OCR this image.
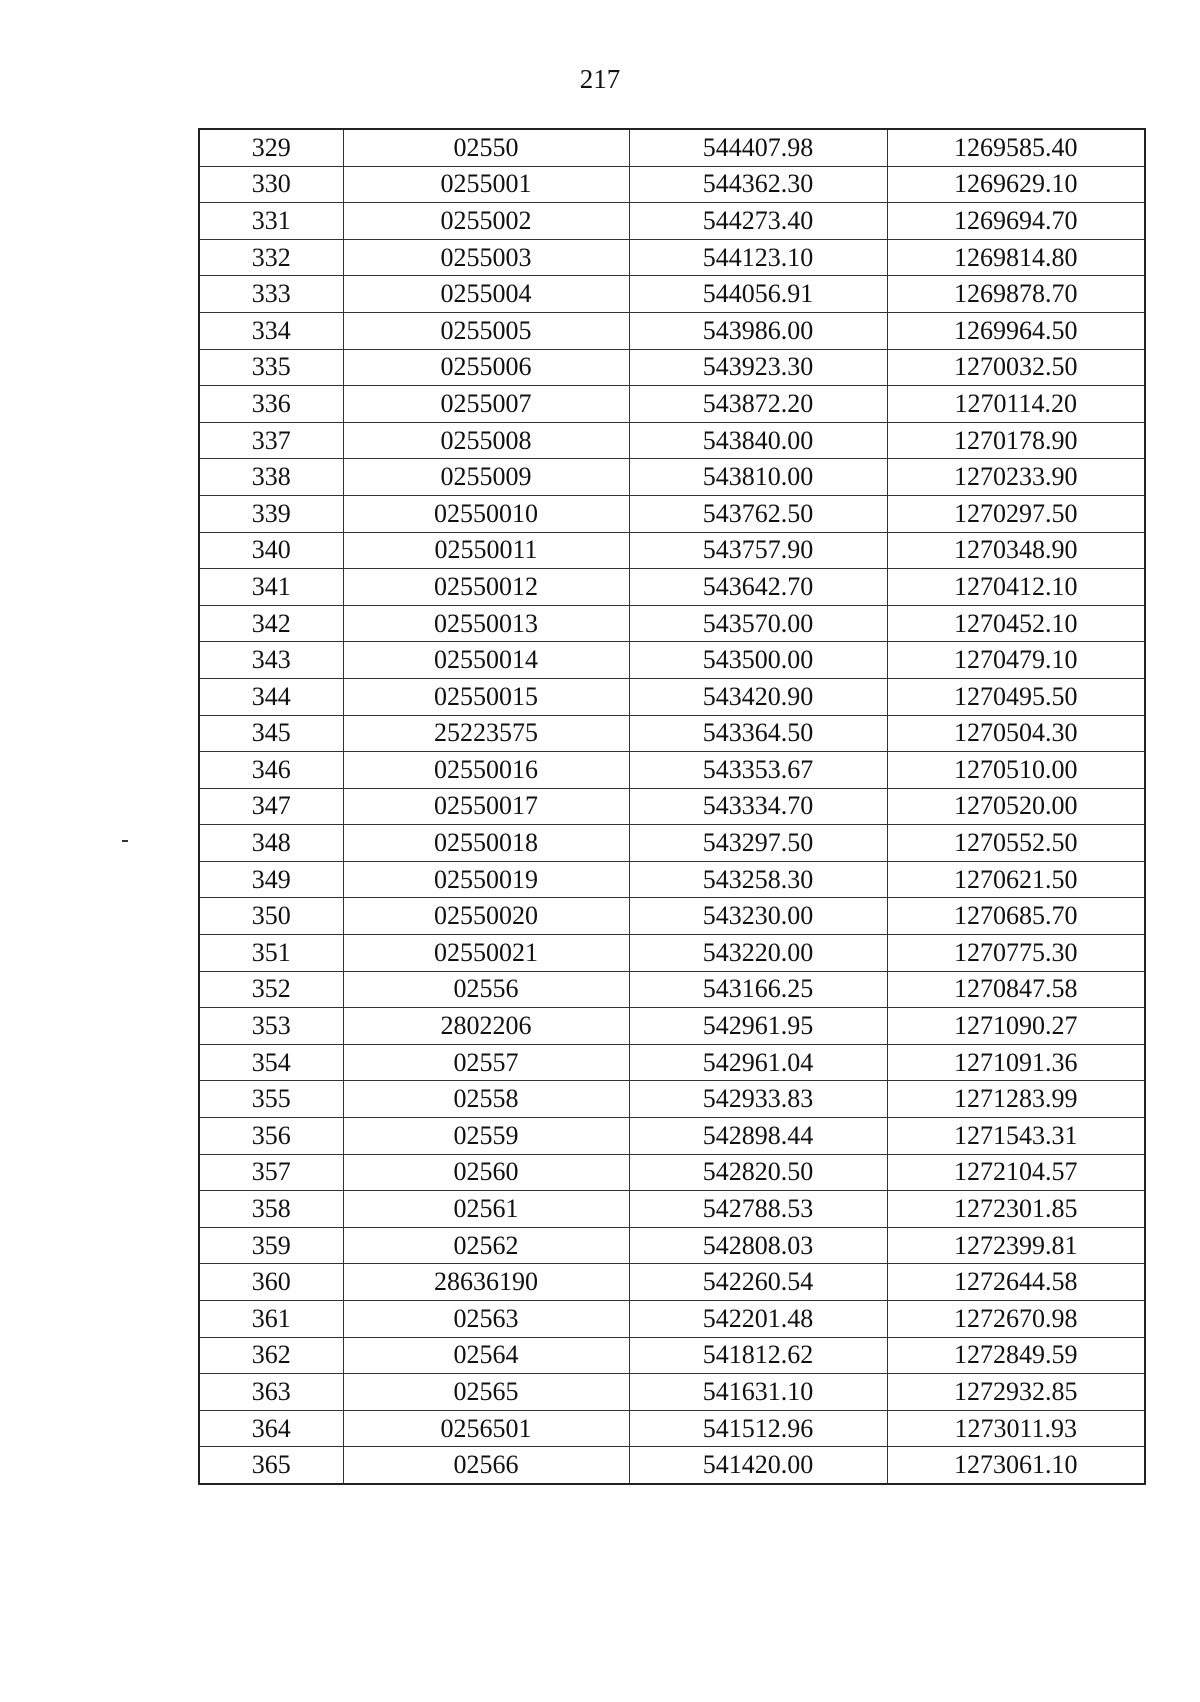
217
329	02550	544407.98	1269585.40
330	0255001	544362.30	1269629.10
331	0255002	544273.40	1269694.70
332	0255003	544123.10	1269814.80
333	0255004	544056.91	1269878.70
334	0255005	543986.00	1269964.50
335	0255006	543923.30	1270032.50
336	0255007	543872.20	1270114.20
337	0255008	543840.00	1270178.90
338	0255009	543810.00	1270233.90
339	02550010	543762.50	1270297.50
340	02550011	543757.90	1270348.90
341	02550012	543642.70	1270412.10
342	02550013	543570.00	1270452.10
343	02550014	543500.00	1270479.10
344	02550015	543420.90	1270495.50
345	25223575	543364.50	1270504.30
346	02550016	543353.67	1270510.00
347	02550017	543334.70	1270520.00
348	02550018	543297.50	1270552.50
349	02550019	543258.30	1270621.50
350	02550020	543230.00	1270685.70
351	02550021	543220.00	1270775.30
352	02556	543166.25	1270847.58
353	2802206	542961.95	1271090.27
354	02557	542961.04	1271091.36
355	02558	542933.83	1271283.99
356	02559	542898.44	1271543.31
357	02560	542820.50	1272104.57
358	02561	542788.53	1272301.85
359	02562	542808.03	1272399.81
360	28636190	542260.54	1272644.58
361	02563	542201.48	1272670.98
362	02564	541812.62	1272849.59
363	02565	541631.10	1272932.85
364	0256501	541512.96	1273011.93
365	02566	541420.00	1273061.10
